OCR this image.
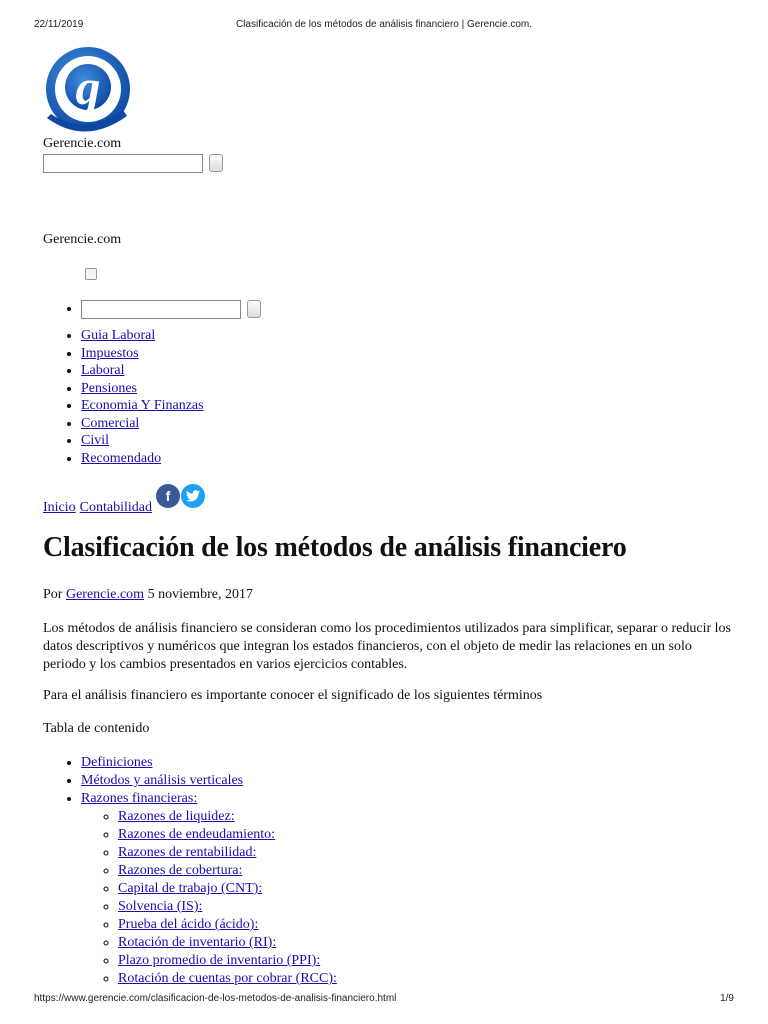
22/11/2019	Clasificación de los métodos de análisis financiero | Gerencie.com.
g
Gerencie.com
Gerencie.com
•
• Guia Laboral
• Impuestos
• Laboral
• Pensiones
• Economia Y Finanzas
• Comercial
• Civil
• Recomendado
Inicio Contabilidad
f
Clasificación de los métodos de análisis financiero
Por Gerencie.com 5 noviembre, 2017

Los métodos de análisis financiero se consideran como los procedimientos utilizados para simplificar, separar o reducir los datos descriptivos y numéricos que integran los estados financieros, con el objeto de medir las relaciones en un solo periodo y los cambios presentados en varios ejercicios contables.

Para el análisis financiero es importante conocer el significado de los siguientes términos

Tabla de contenido
• Definiciones
• Métodos y análisis verticales
• Razones financieras:
◦ Razones de liquidez:
◦ Razones de endeudamiento:
◦ Razones de rentabilidad:
◦ Razones de cobertura:
◦ Capital de trabajo (CNT):
◦ Solvencia (IS):
◦ Prueba del ácido (ácido):
◦ Rotación de inventario (RI):
◦ Plazo promedio de inventario (PPI):
◦ Rotación de cuentas por cobrar (RCC):
https://www.gerencie.com/clasificacion-de-los-metodos-de-analisis-financiero.html	1/9
